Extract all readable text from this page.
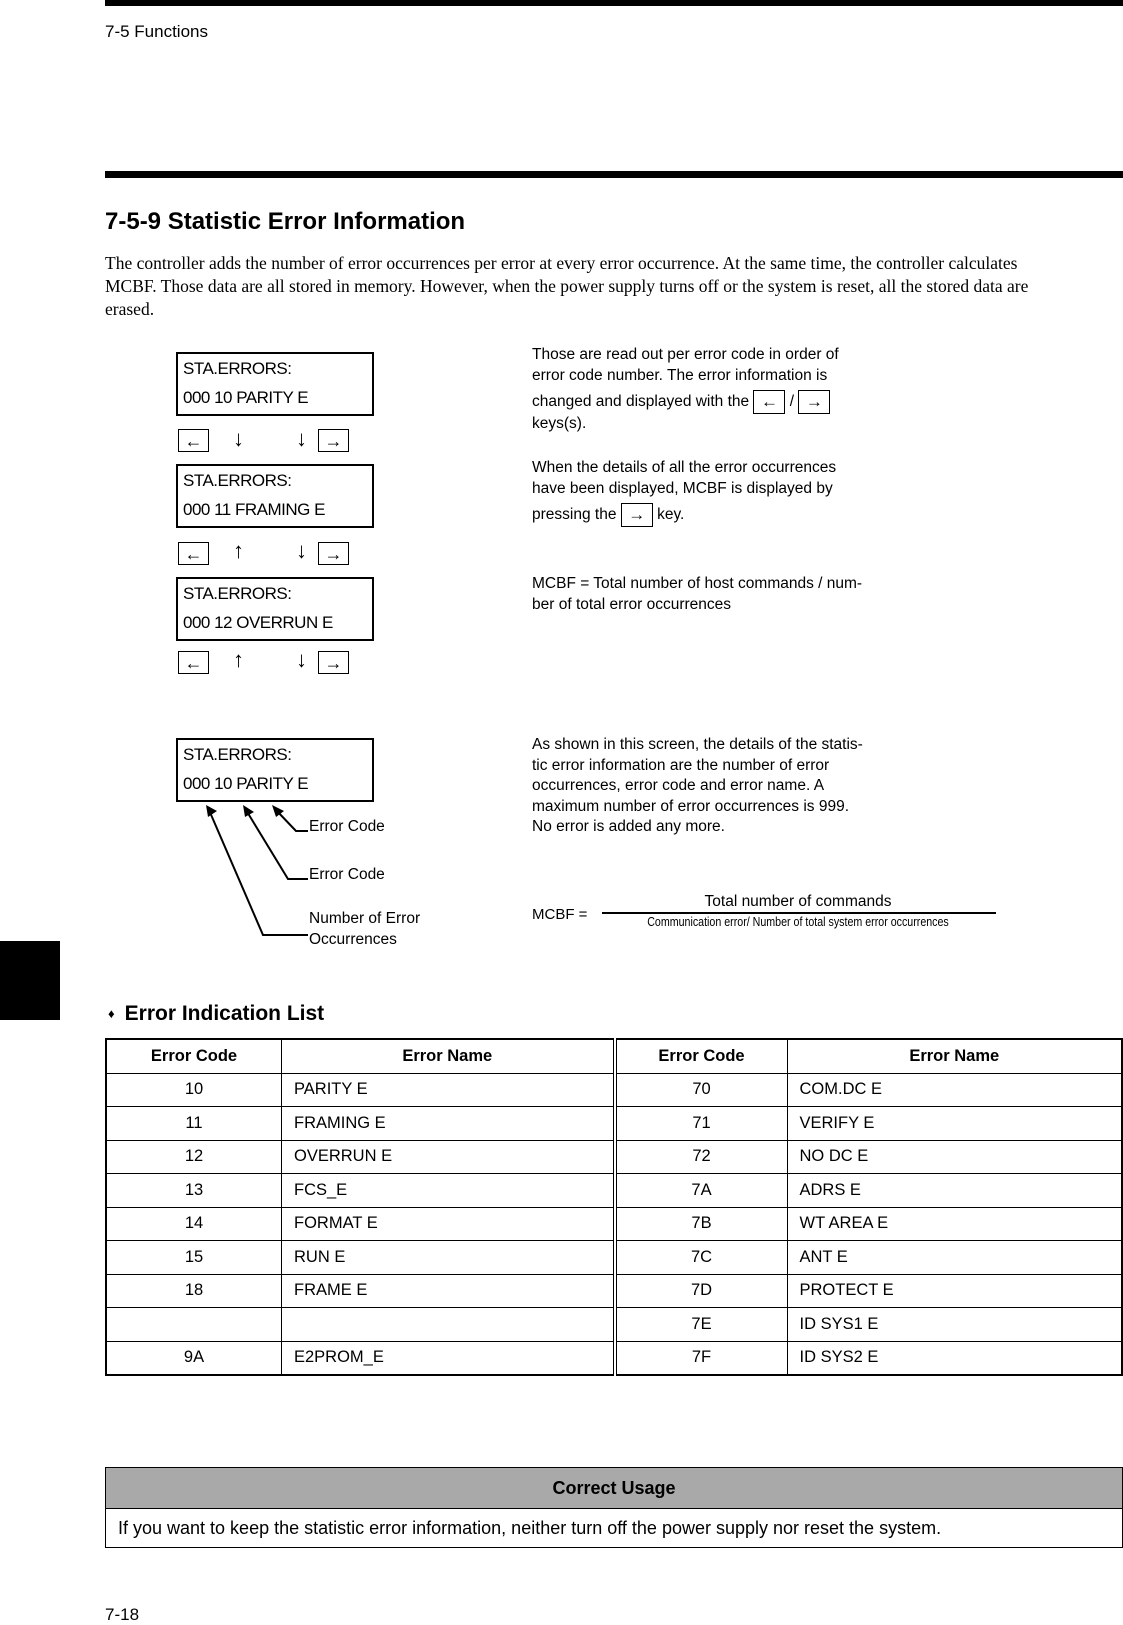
7-5 Functions
7-5-9 Statistic Error Information
The controller adds the number of error occurrences per error at every error occurrence. At the same time, the controller calculates
MCBF. Those data are all stored in memory. However, when the power supply turns off or the system is reset, all the stored data are
erased.
STA.ERRORS:
000 10 PARITY E
← ↓ ↓ →
STA.ERRORS:
000 11 FRAMING E
← ↑ ↓ →
STA.ERRORS:
000 12 OVERRUN E
← ↑ ↓ →
Those are read out per error code in order of
error code number. The error information is
changed and displayed with the ← / →
keys(s).
When the details of all the error occurrences
have been displayed, MCBF is displayed by
pressing the → key.
MCBF = Total number of host commands / num-
ber of total error occurrences
STA.ERRORS:
000 10 PARITY E
Error Code
Error Code
Number of Error
Occurrences
As shown in this screen, the details of the statis-
tic error information are the number of error
occurrences, error code and error name. A
maximum number of error occurrences is 999.
No error is added any more.
MCBF =
Total number of commands
Communication error/ Number of total system error occurrences
♦ Error Indication List
Error Code	Error Name	Error Code	Error Name
10	PARITY E	70	COM.DC E
11	FRAMING E	71	VERIFY E
12	OVERRUN E	72	NO DC E
13	FCS_E	7A	ADRS E
14	FORMAT E	7B	WT AREA E
15	RUN E	7C	ANT E
18	FRAME E	7D	PROTECT E
		7E	ID SYS1 E
9A	E2PROM_E	7F	ID SYS2 E
Correct Usage
If you want to keep the statistic error information, neither turn off the power supply nor reset the system.
7-18
